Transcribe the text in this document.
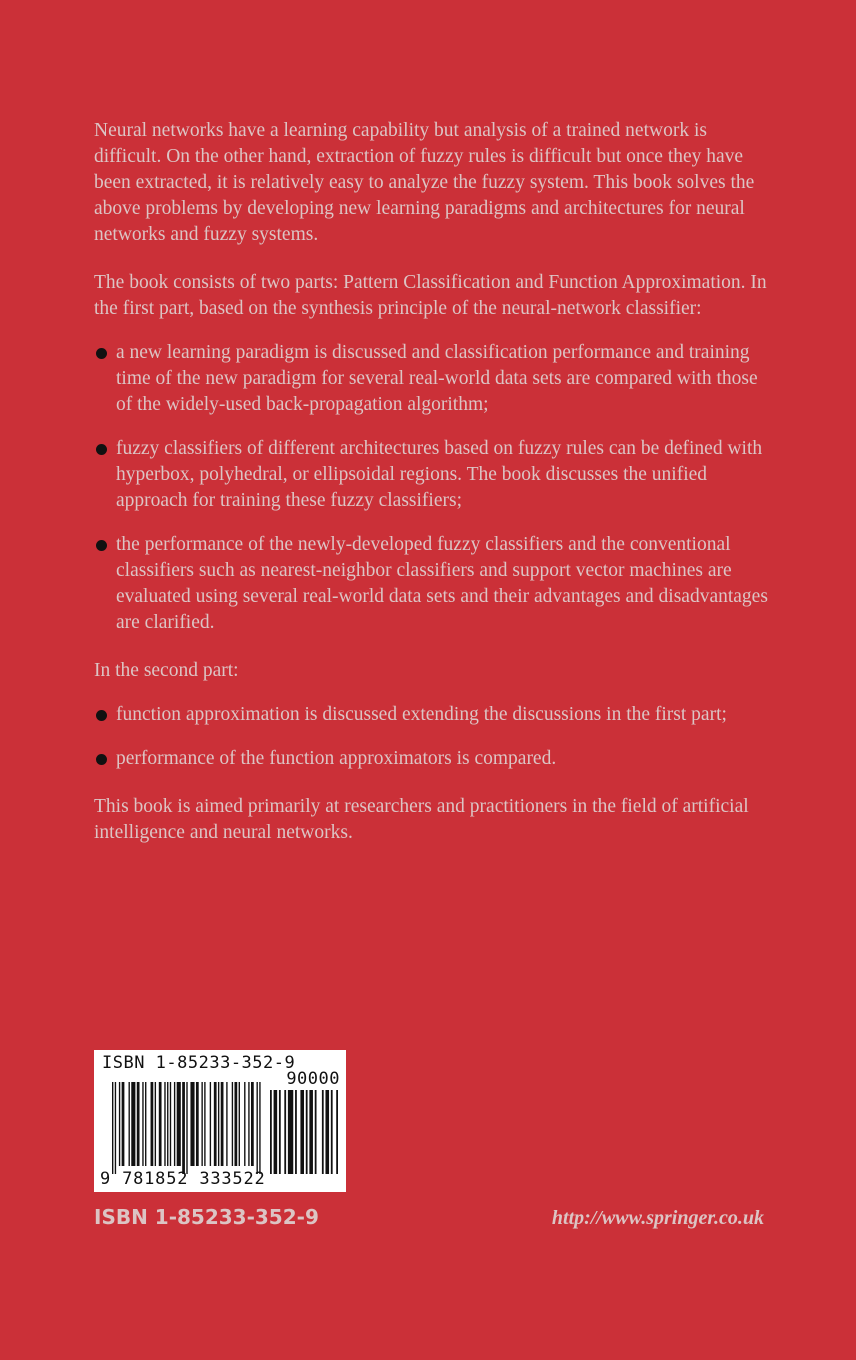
Neural networks have a learning capability but analysis of a trained network is difficult. On the other hand, extraction of fuzzy rules is difficult but once they have been extracted, it is relatively easy to analyze the fuzzy system. This book solves the above problems by developing new learning paradigms and architectures for neural networks and fuzzy systems.

The book consists of two parts: Pattern Classification and Function Approximation. In the first part, based on the synthesis principle of the neural-network classifier:

a new learning paradigm is discussed and classification performance and training time of the new paradigm for several real-world data sets are compared with those of the widely-used back-propagation algorithm;
fuzzy classifiers of different architectures based on fuzzy rules can be defined with hyperbox, polyhedral, or ellipsoidal regions. The book discusses the unified approach for training these fuzzy classifiers;
the performance of the newly-developed fuzzy classifiers and the conventional classifiers such as nearest-neighbor classifiers and support vector machines are evaluated using several real-world data sets and their advantages and disadvantages are clarified.

In the second part:

function approximation is discussed extending the discussions in the first part;
performance of the function approximators is compared.

This book is aimed primarily at researchers and practitioners in the field of artificial intelligence and neural networks.

ISBN 1-85233-352-9
90000
9 781852 333522
ISBN 1-85233-352-9	http://www.springer.co.uk
